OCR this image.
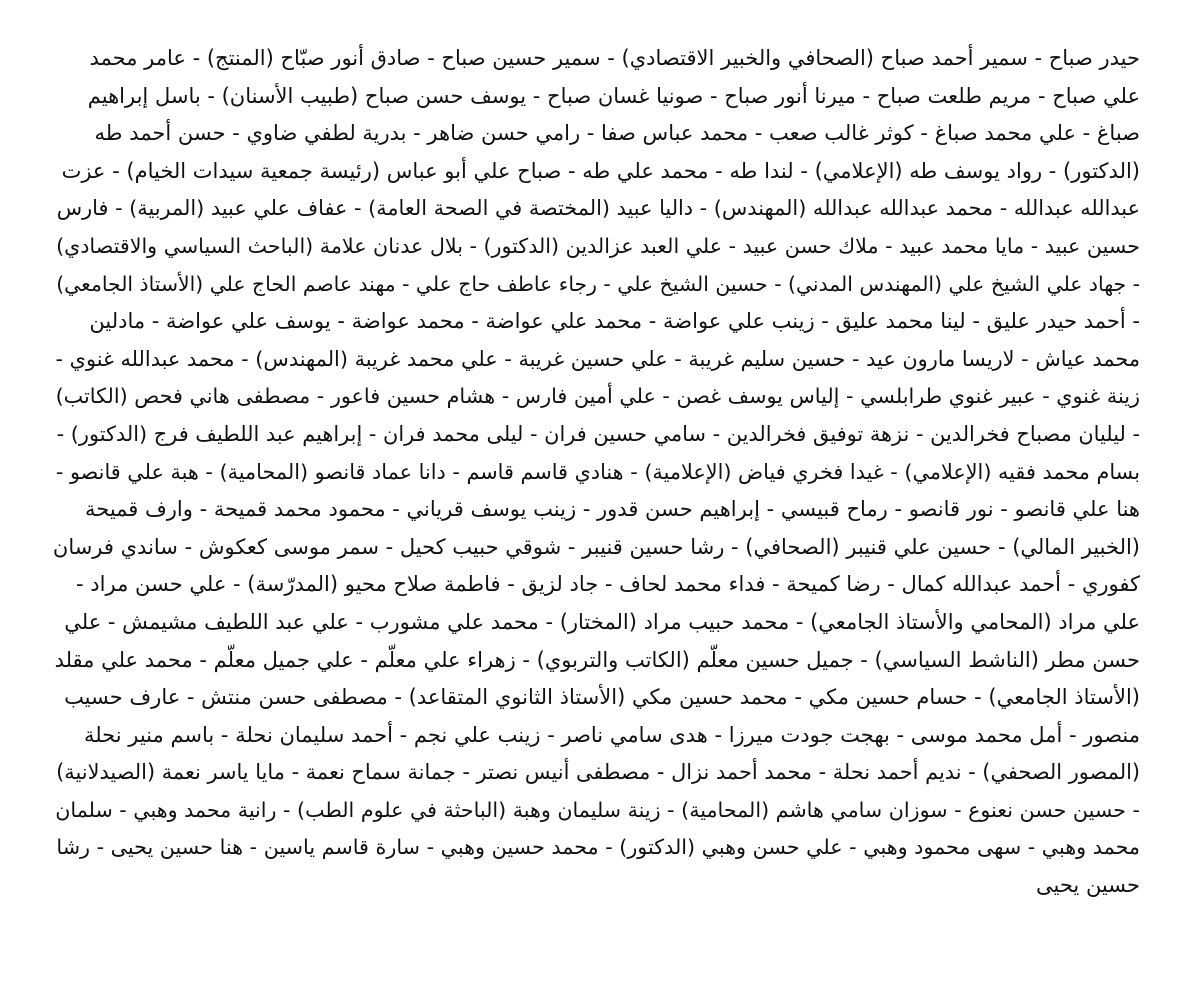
حيدر صباح - سمير أحمد صباح (الصحافي والخبير الاقتصادي) - سمير حسين صباح - صادق أنور صبّاح (المنتج) - عامر محمد
علي صباح - مريم طلعت صباح - ميرنا أنور صباح - صونيا غسان صباح - يوسف حسن صباح (طبيب الأسنان) - باسل إبراهيم
صباغ - علي محمد صباغ - كوثر غالب صعب - محمد عباس صفا - رامي حسن ضاهر - بدرية لطفي ضاوي - حسن أحمد طه
(الدكتور) - رواد يوسف طه (الإعلامي) - لندا طه - محمد علي طه - صباح علي أبو عباس (رئيسة جمعية سيدات الخيام) - عزت
عبدالله عبدالله - محمد عبدالله عبدالله (المهندس) - داليا عبيد (المختصة في الصحة العامة) - عفاف علي عبيد (المربية) - فارس
حسين عبيد - مايا محمد عبيد - ملاك حسن عبيد - علي العبد عزالدين (الدكتور) - بلال عدنان علامة (الباحث السياسي والاقتصادي)
- جهاد علي الشيخ علي (المهندس المدني) - حسين الشيخ علي - رجاء عاطف حاج علي - مهند عاصم الحاج علي (الأستاذ الجامعي)
- أحمد حيدر عليق - لينا محمد عليق - زينب علي عواضة - محمد علي عواضة - محمد عواضة - يوسف علي عواضة - مادلين
محمد عياش - لاريسا مارون عيد - حسين سليم غريبة - علي حسين غريبة - علي محمد غريبة (المهندس) - محمد عبدالله غنوي -
زينة غنوي - عبير غنوي طرابلسي - إلياس يوسف غصن - علي أمين فارس - هشام حسين فاعور - مصطفى هاني فحص (الكاتب)
- ليليان مصباح فخرالدين - نزهة توفيق فخرالدين - سامي حسين فران - ليلى محمد فران - إبراهيم عبد اللطيف فرج (الدكتور) -
بسام محمد فقيه (الإعلامي) - غيدا فخري فياض (الإعلامية) - هنادي قاسم قاسم - دانا عماد قانصو (المحامية) - هبة علي قانصو -
هنا علي قانصو - نور قانصو - رماح قبيسي - إبراهيم حسن قدور - زينب يوسف قرياني - محمود محمد قميحة - وارف قميحة
(الخبير المالي) - حسين علي قنيبر (الصحافي) - رشا حسين قنيبر - شوقي حبيب كحيل - سمر موسى كعكوش - ساندي فرسان
كفوري - أحمد عبدالله كمال - رضا كميحة - فداء محمد لحاف - جاد لزيق - فاطمة صلاح محيو (المدرّسة) - علي حسن مراد -
علي مراد (المحامي والأستاذ الجامعي) - محمد حبيب مراد (المختار) - محمد علي مشورب - علي عبد اللطيف مشيمش - علي
حسن مطر (الناشط السياسي) - جميل حسين معلّم (الكاتب والتربوي) - زهراء علي معلّم - علي جميل معلّم - محمد علي مقلد
(الأستاذ الجامعي) - حسام حسين مكي - محمد حسين مكي (الأستاذ الثانوي المتقاعد) - مصطفى حسن منتش - عارف حسيب
منصور - أمل محمد موسى - بهجت جودت ميرزا - هدى سامي ناصر - زينب علي نجم - أحمد سليمان نحلة - باسم منير نحلة
(المصور الصحفي) - نديم أحمد نحلة - محمد أحمد نزال - مصطفى أنيس نصتر - جمانة سماح نعمة - مايا ياسر نعمة (الصيدلانية)
- حسين حسن نعنوع - سوزان سامي هاشم (المحامية) - زينة سليمان وهبة (الباحثة في علوم الطب) - رانية محمد وهبي - سلمان
محمد وهبي - سهى محمود وهبي - علي حسن وهبي (الدكتور) - محمد حسين وهبي - سارة قاسم ياسين - هنا حسين يحيى - رشا
حسين يحيى
